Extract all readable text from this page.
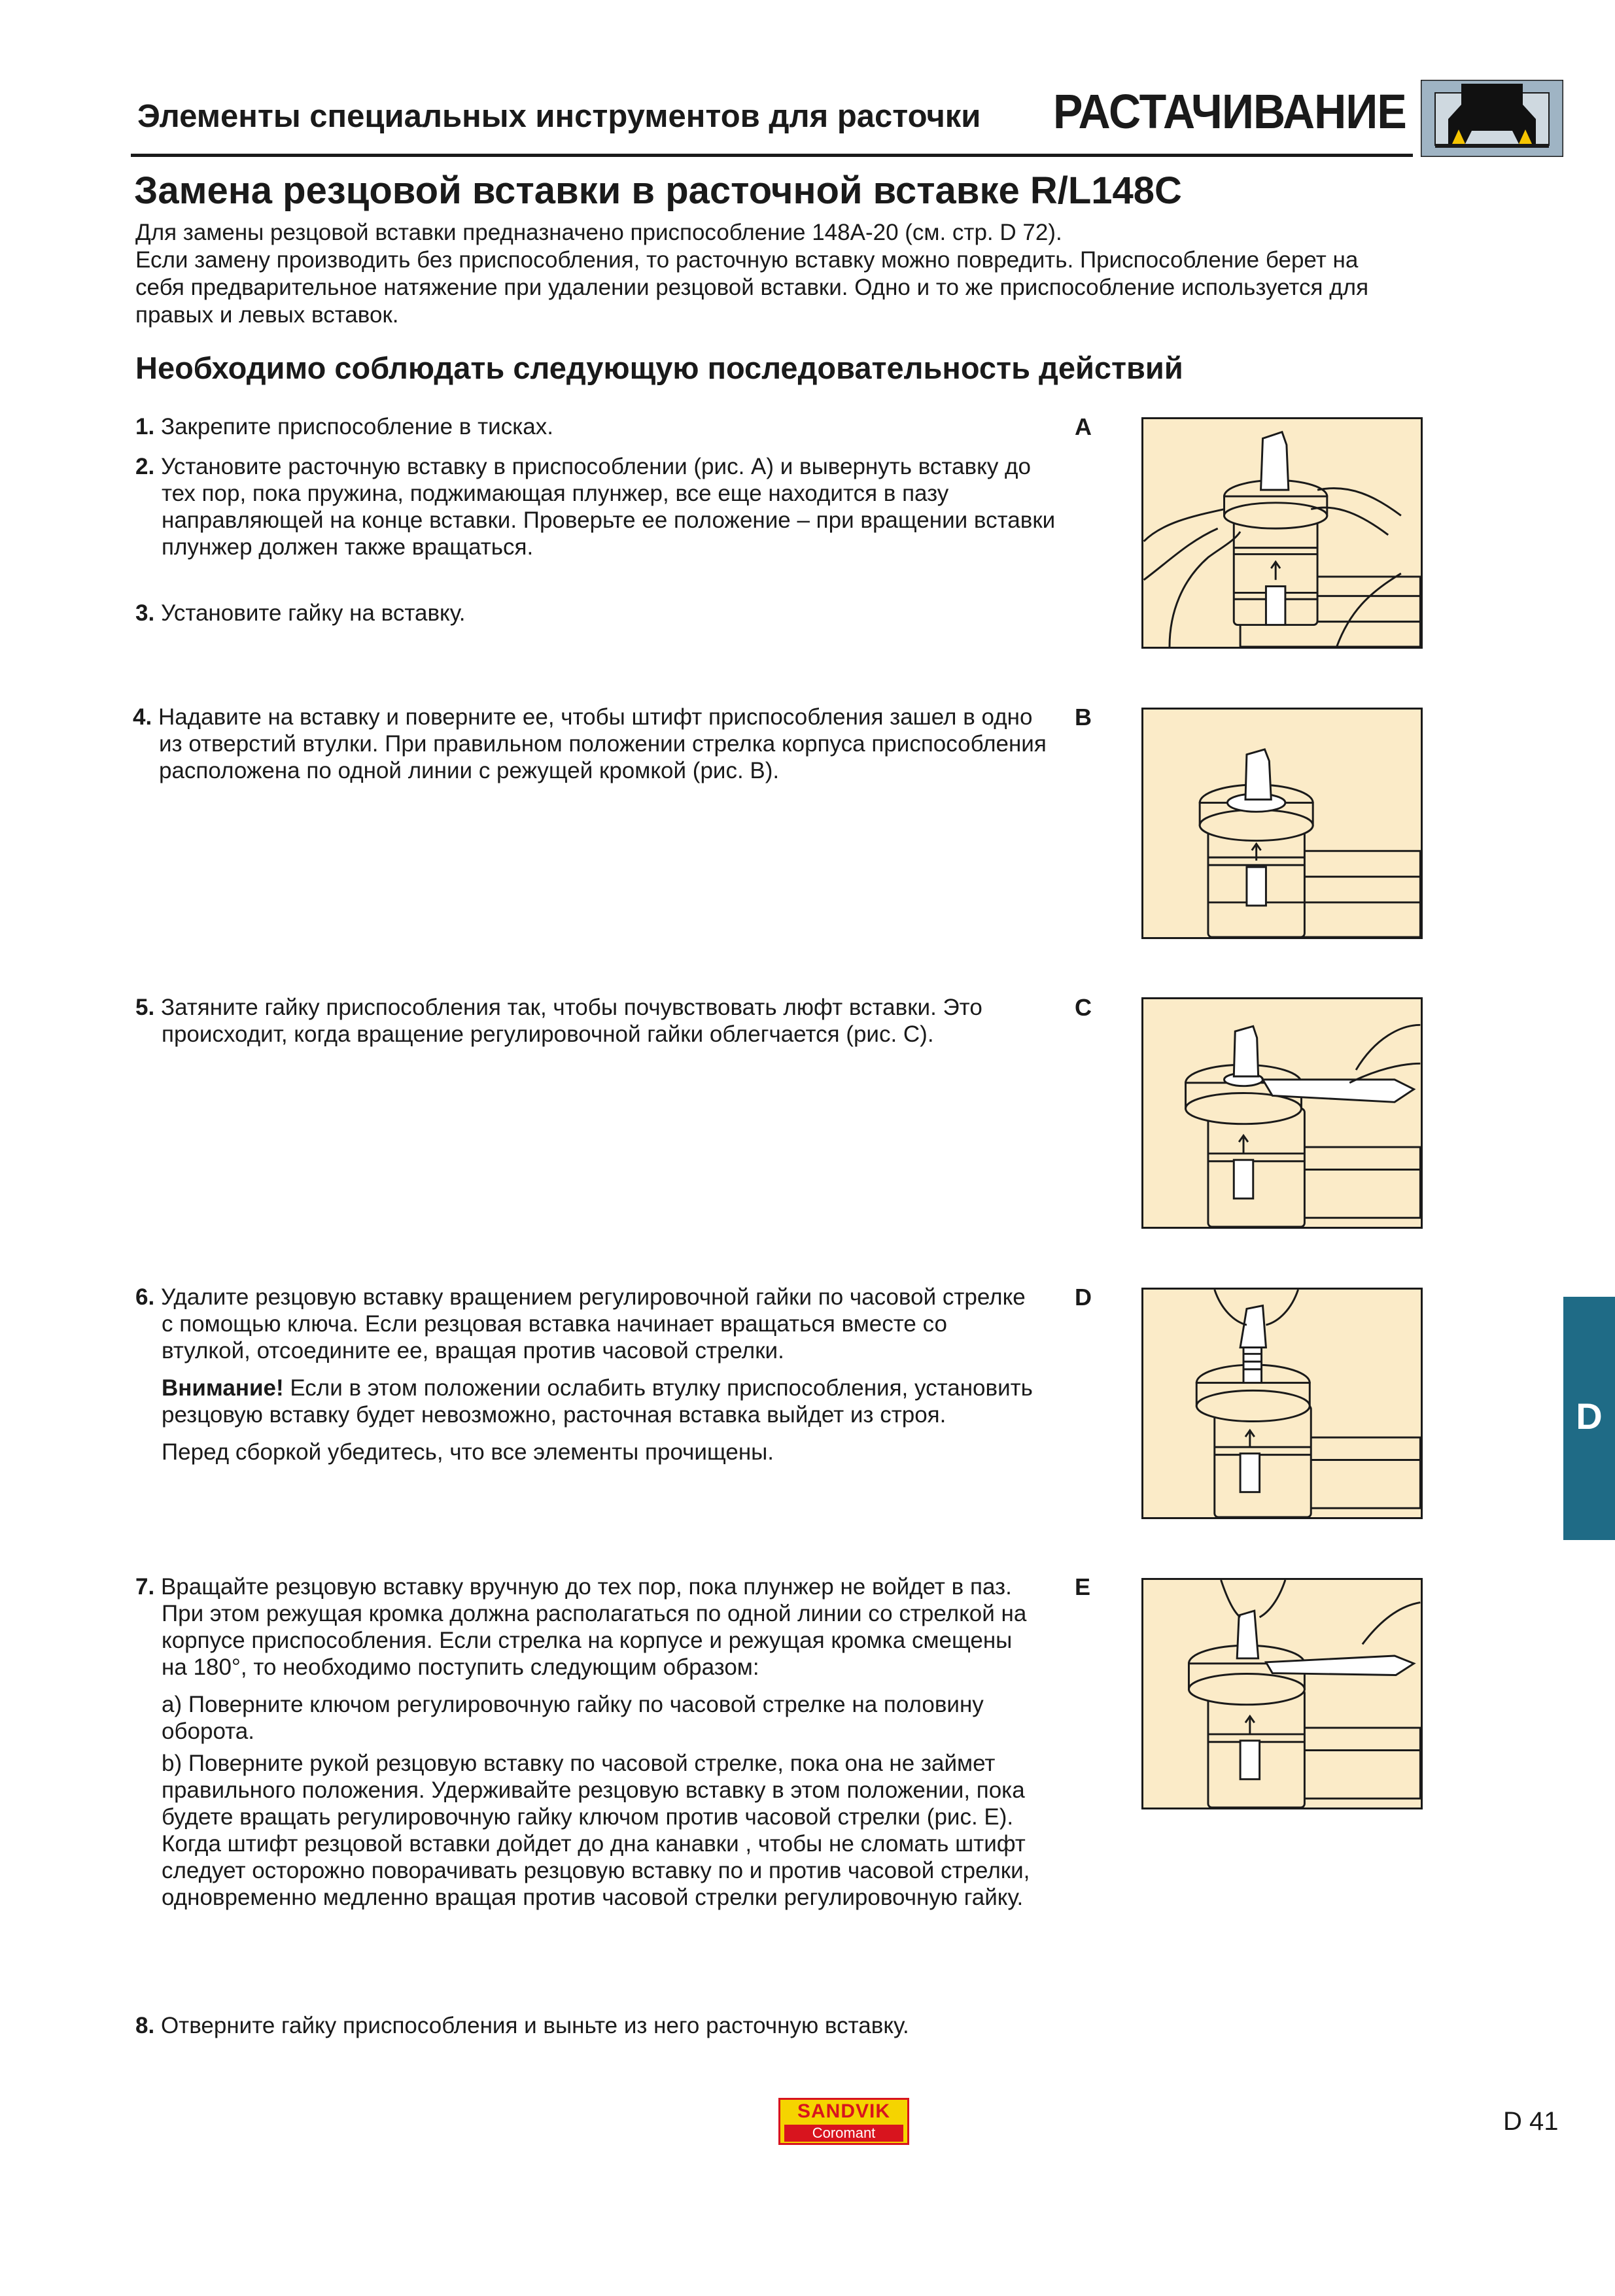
Элементы специальных инструментов для расточки РАСТАЧИВАНИЕ
Замена резцовой вставки в расточной вставке R/L148C

Для замены резцовой вставки предназначено приспособление 148А-20 (см. стр. D 72).

Если замену производить без приспособления, то расточную вставку можно повредить. Приспособление берет на себя предварительное натяжение при удалении резцовой вставки. Одно и то же приспособление используется для правых и левых вставок.

Необходимо соблюдать следующую последовательность действий

1. Закрепите приспособление в тисках.

2. Установите расточную вставку в приспособлении (рис. А) и вывернуть вставку до тех пор, пока пружина, поджимающая плунжер, все еще находится в пазу направляющей на конце вставки. Проверьте ее положение – при вращении вставки плунжер должен также вращаться.

3. Установите гайку на вставку.

4. Надавите на вставку и поверните ее, чтобы штифт приспособления зашел в одно из отверстий втулки. При правильном положении стрелка корпуса приспособления расположена по одной линии с режущей кромкой (рис. В).

5. Затяните гайку приспособления так, чтобы почувствовать люфт вставки. Это происходит, когда вращение регулировочной гайки облегчается (рис. С).

6. Удалите резцовую вставку вращением регулировочной гайки по часовой стрелке с помощью ключа. Если резцовая вставка начинает вращаться вместе со втулкой, отсоедините ее, вращая против часовой стрелки.

Внимание! Если в этом положении ослабить втулку приспособления, установить резцовую вставку будет невозможно, расточная вставка выйдет из строя.

Перед сборкой убедитесь, что все элементы прочищены.

7. Вращайте резцовую вставку вручную до тех пор, пока плунжер не войдет в паз. При этом режущая кромка должна располагаться по одной линии со стрелкой на корпусе приспособления. Если стрелка на корпусе и режущая кромка смещены на 180°, то необходимо поступить следующим образом:

a) Поверните ключом регулировочную гайку по часовой стрелке на половину оборота.

b) Поверните рукой резцовую вставку по часовой стрелке, пока она не займет правильного положения. Удерживайте резцовую вставку в этом положении, пока будете вращать регулировочную гайку ключом против часовой стрелки (рис. Е). Когда штифт резцовой вставки дойдет до дна канавки , чтобы не сломать штифт следует осторожно поворачивать резцовую вставку по и против часовой стрелки, одновременно медленно вращая против часовой стрелки регулировочную гайку.

8. Отверните гайку приспособления и выньте из него расточную вставку.

A
B
C
D
E
D
SANDVIK
Coromant	D 41
